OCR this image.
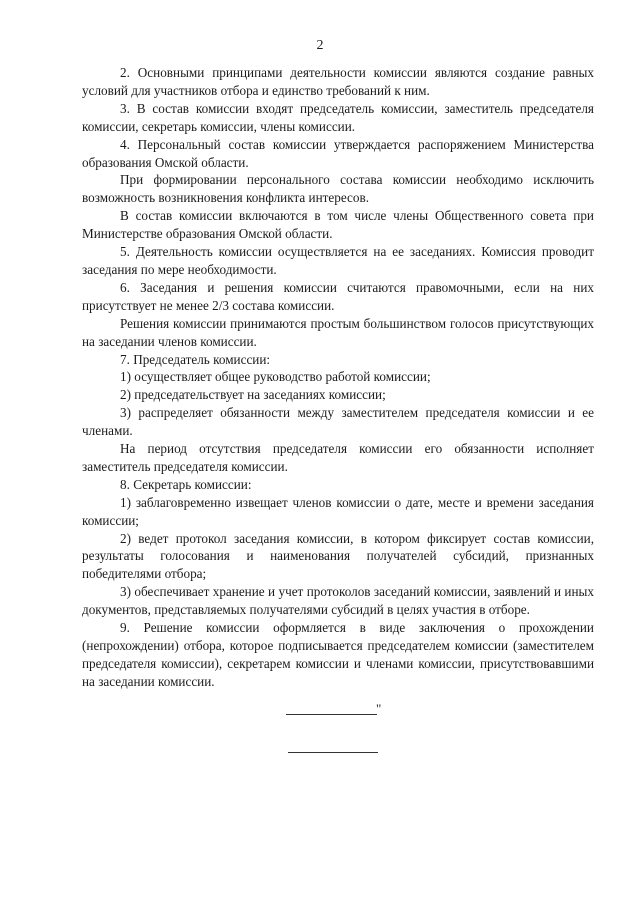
2

2. Основными принципами деятельности комиссии являются создание равных условий для участников отбора и единство требований к ним.

3. В состав комиссии входят председатель комиссии, заместитель председателя комиссии, секретарь комиссии, члены комиссии.

4. Персональный состав комиссии утверждается распоряжением Министерства образования Омской области.

При формировании персонального состава комиссии необходимо исключить возможность возникновения конфликта интересов.

В состав комиссии включаются в том числе члены Общественного совета при Министерстве образования Омской области.

5. Деятельность комиссии осуществляется на ее заседаниях. Комиссия проводит заседания по мере необходимости.

6. Заседания и решения комиссии считаются правомочными, если на них присутствует не менее 2/3 состава комиссии.

Решения комиссии принимаются простым большинством голосов присутствующих на заседании членов комиссии.

7. Председатель комиссии:

1) осуществляет общее руководство работой комиссии;

2) председательствует на заседаниях комиссии;

3) распределяет обязанности между заместителем председателя комиссии и ее членами.

На период отсутствия председателя комиссии его обязанности исполняет заместитель председателя комиссии.

8. Секретарь комиссии:

1) заблаговременно извещает членов комиссии о дате, месте и времени заседания комиссии;

2) ведет протокол заседания комиссии, в котором фиксирует состав комиссии, результаты голосования и наименования получателей субсидий, признанных победителями отбора;

3) обеспечивает хранение и учет протоколов заседаний комиссии, заявлений и иных документов, представляемых получателями субсидий в целях участия в отборе.

9. Решение комиссии оформляется в виде заключения о прохождении (непрохождении) отбора, которое подписывается председателем комиссии (заместителем председателя комиссии), секретарем комиссии и членами комиссии, присутствовавшими на заседании комиссии.

"
